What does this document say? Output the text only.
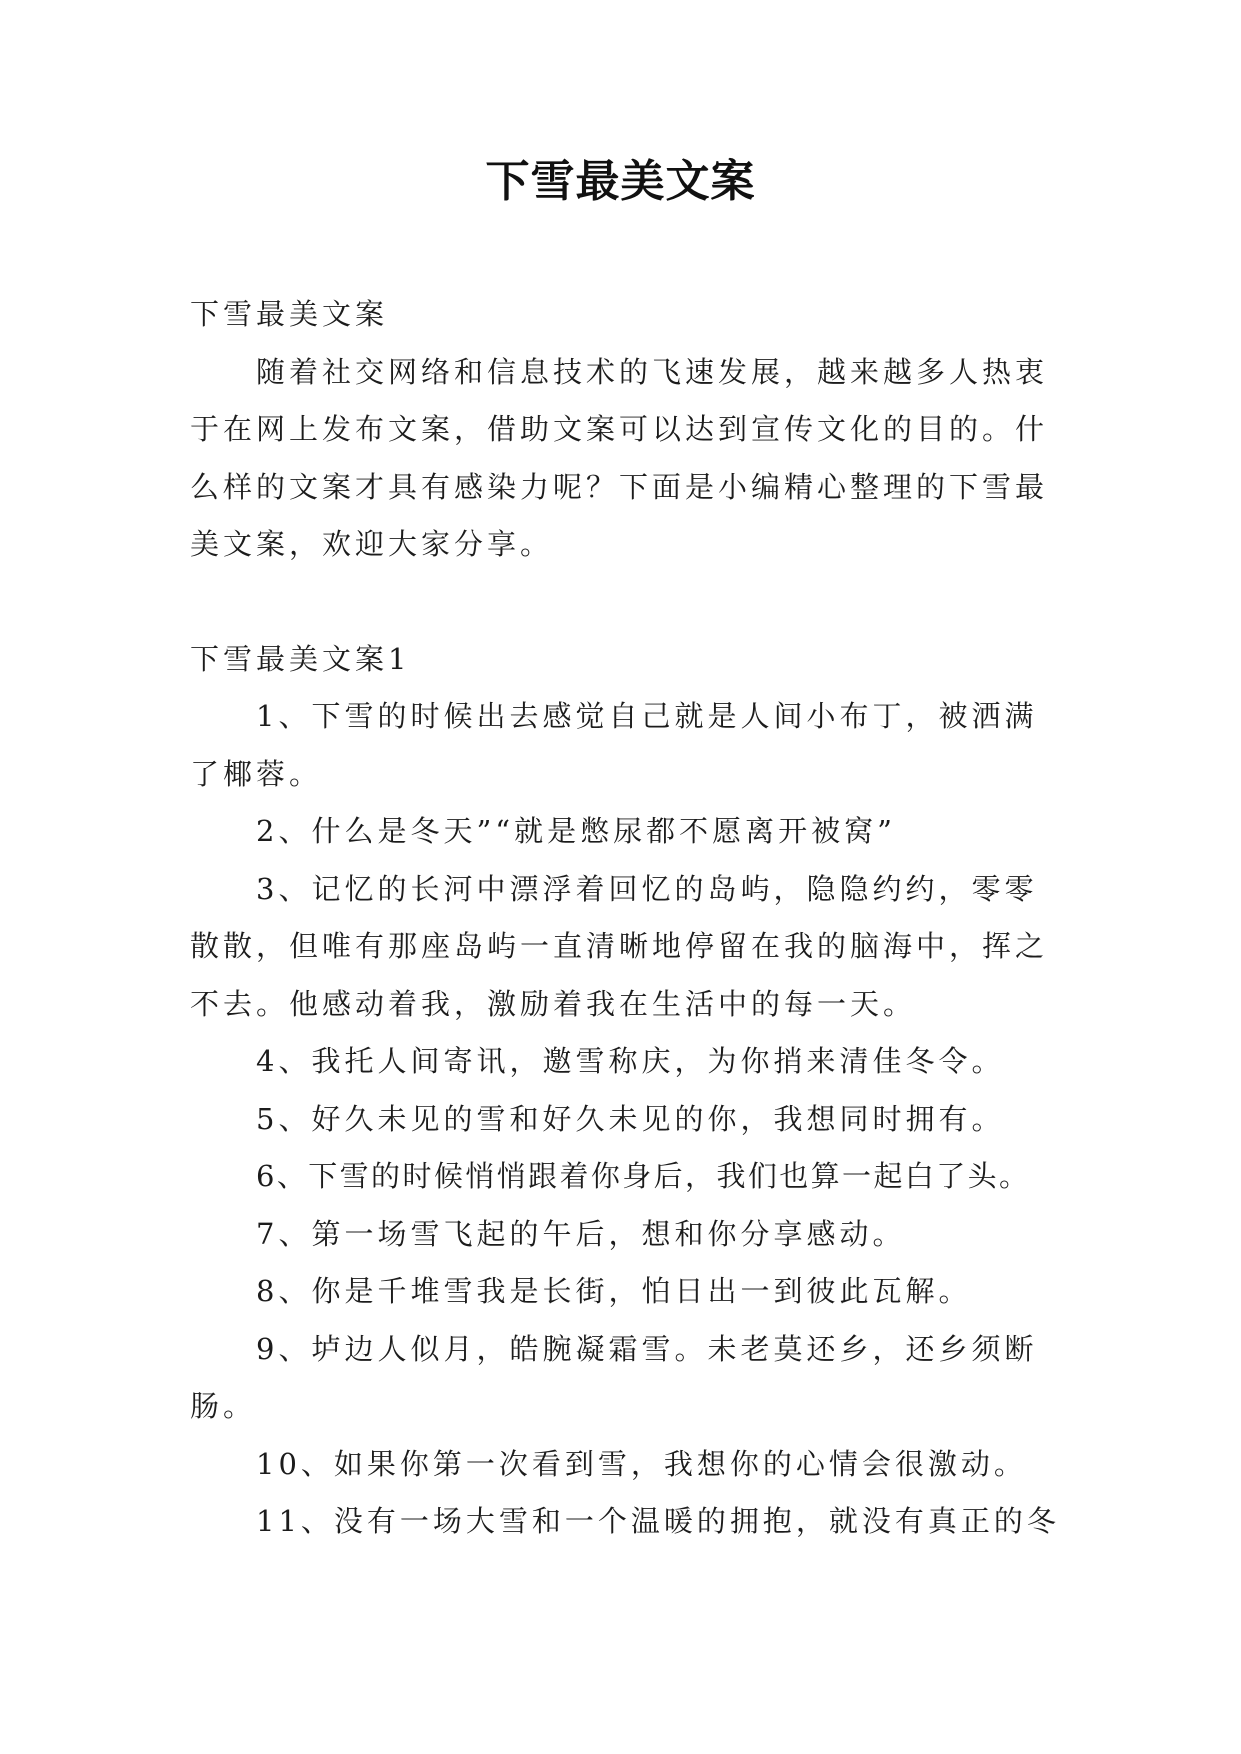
下雪最美文案

下雪最美文案

随着社交网络和信息技术的飞速发展，越来越多人热衷于在网上发布文案，借助文案可以达到宣传文化的目的。什么样的文案才具有感染力呢？下面是小编精心整理的下雪最美文案，欢迎大家分享。

下雪最美文案1

1、下雪的时候出去感觉自己就是人间小布丁，被洒满了椰蓉。

2、什么是冬天”“就是憋尿都不愿离开被窝”

3、记忆的长河中漂浮着回忆的岛屿，隐隐约约，零零散散，但唯有那座岛屿一直清晰地停留在我的脑海中，挥之不去。他感动着我，激励着我在生活中的每一天。

4、我托人间寄讯，邀雪称庆，为你捎来清佳冬令。

5、好久未见的雪和好久未见的你，我想同时拥有。

6、下雪的时候悄悄跟着你身后，我们也算一起白了头。

7、第一场雪飞起的午后，想和你分享感动。

8、你是千堆雪我是长街，怕日出一到彼此瓦解。

9、垆边人似月，皓腕凝霜雪。未老莫还乡，还乡须断肠。

10、如果你第一次看到雪，我想你的心情会很激动。

11、没有一场大雪和一个温暖的拥抱，就没有真正的冬
